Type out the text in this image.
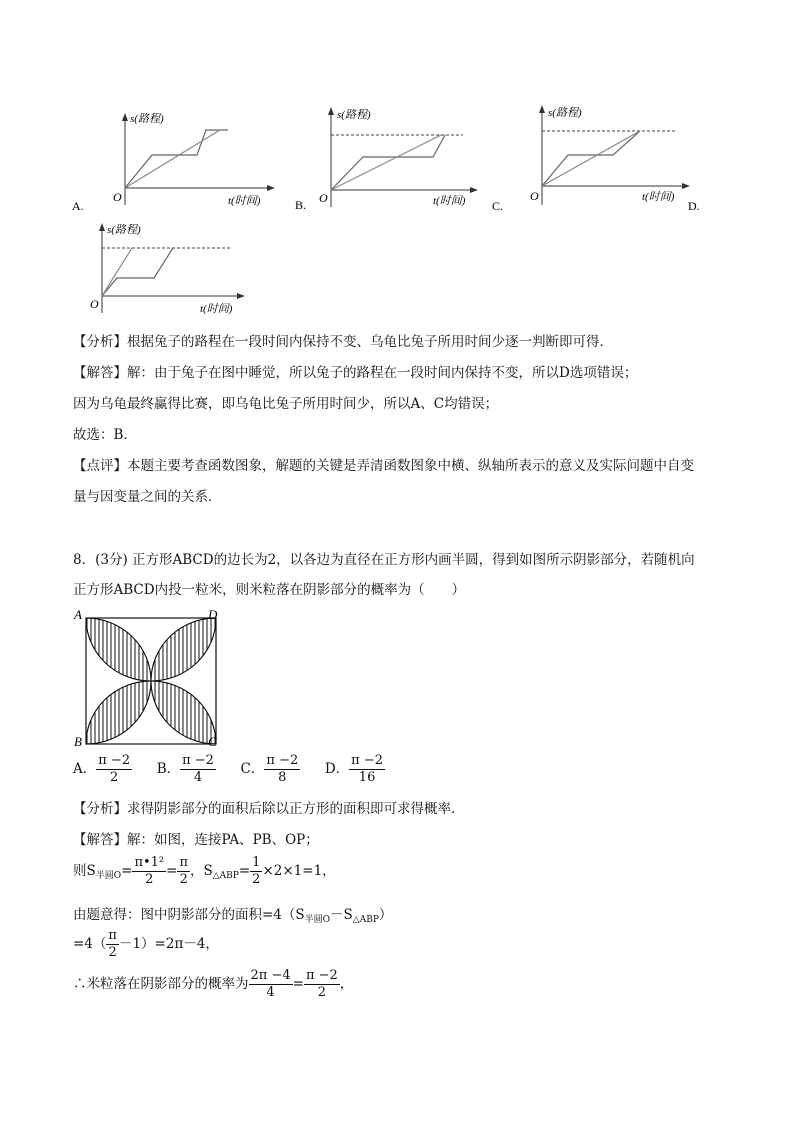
s(路程)
t(时间)
O
A.
s(路程)
t(时间)
O
B.
s(路程)
t(时间)
O
C.	D.
s(路程)
t(时间)
O
【分析】根据兔子的路程在一段时间内保持不变、乌龟比兔子所用时间少逐一判断即可得．
【解答】解：由于兔子在图中睡觉，所以兔子的路程在一段时间内保持不变，所以D选项错误；
因为乌龟最终赢得比赛，即乌龟比兔子所用时间少，所以A、C均错误；
故选：B．
【点评】本题主要考查函数图象，解题的关键是弄清函数图象中横、纵轴所表示的意义及实际问题中自变
量与因变量之间的关系．
8．(3分) 正方形ABCD的边长为2，以各边为直径在正方形内画半圆，得到如图所示阴影部分，若随机向
正方形ABCD内投一粒米，则米粒落在阴影部分的概率为（　　）
A	D
B	C
A． $\frac{\pi -2}{2}$ B． $\frac{\pi -2}{4}$ C． $\frac{\pi -2}{8}$ D． $\frac{\pi -2}{16}$
【分析】求得阴影部分的面积后除以正方形的面积即可求得概率．
【解答】解：如图，连接PA、PB、OP；
则$S_{半圆O}= \frac{\text{π•1²}}{2} = \frac{\pi}{2}$ ，$S_{\triangle ABP}= \frac{1}{2} \times 2\times 1=1$，
由题意得：图中阴影部分的面积$=4(S_{半圆O}-S_{\triangle ABP})$
$=4( \frac{\pi}{2} -1)=2\pi-4$，
∴米粒落在阴影部分的概率为 $\frac{2\pi -4}{4} = \frac{\pi -2}{2}$ ，
